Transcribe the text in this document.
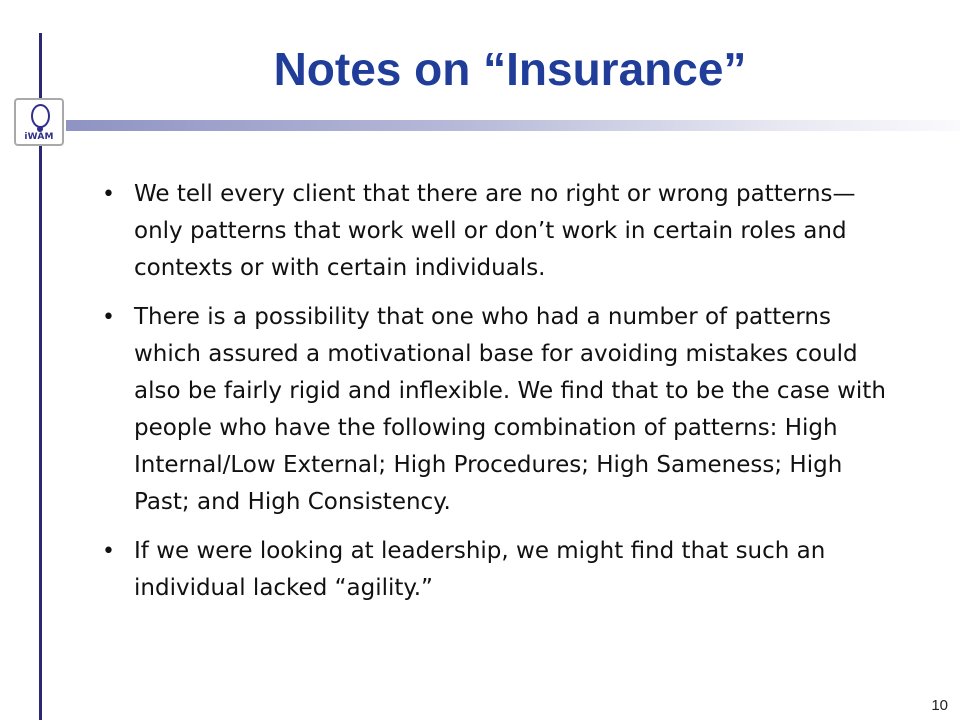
iWAM
Notes on “Insurance”
• We tell every client that there are no right or wrong patterns—only patterns that work well or don’t work in certain roles and contexts or with certain individuals.
• There is a possibility that one who had a number of patterns which assured a motivational base for avoiding mistakes could also be fairly rigid and inflexible. We find that to be the case with people who have the following combination of patterns: High Internal/Low External; High Procedures; High Sameness; High Past; and High Consistency.
• If we were looking at leadership, we might find that such an individual lacked “agility.”
10
